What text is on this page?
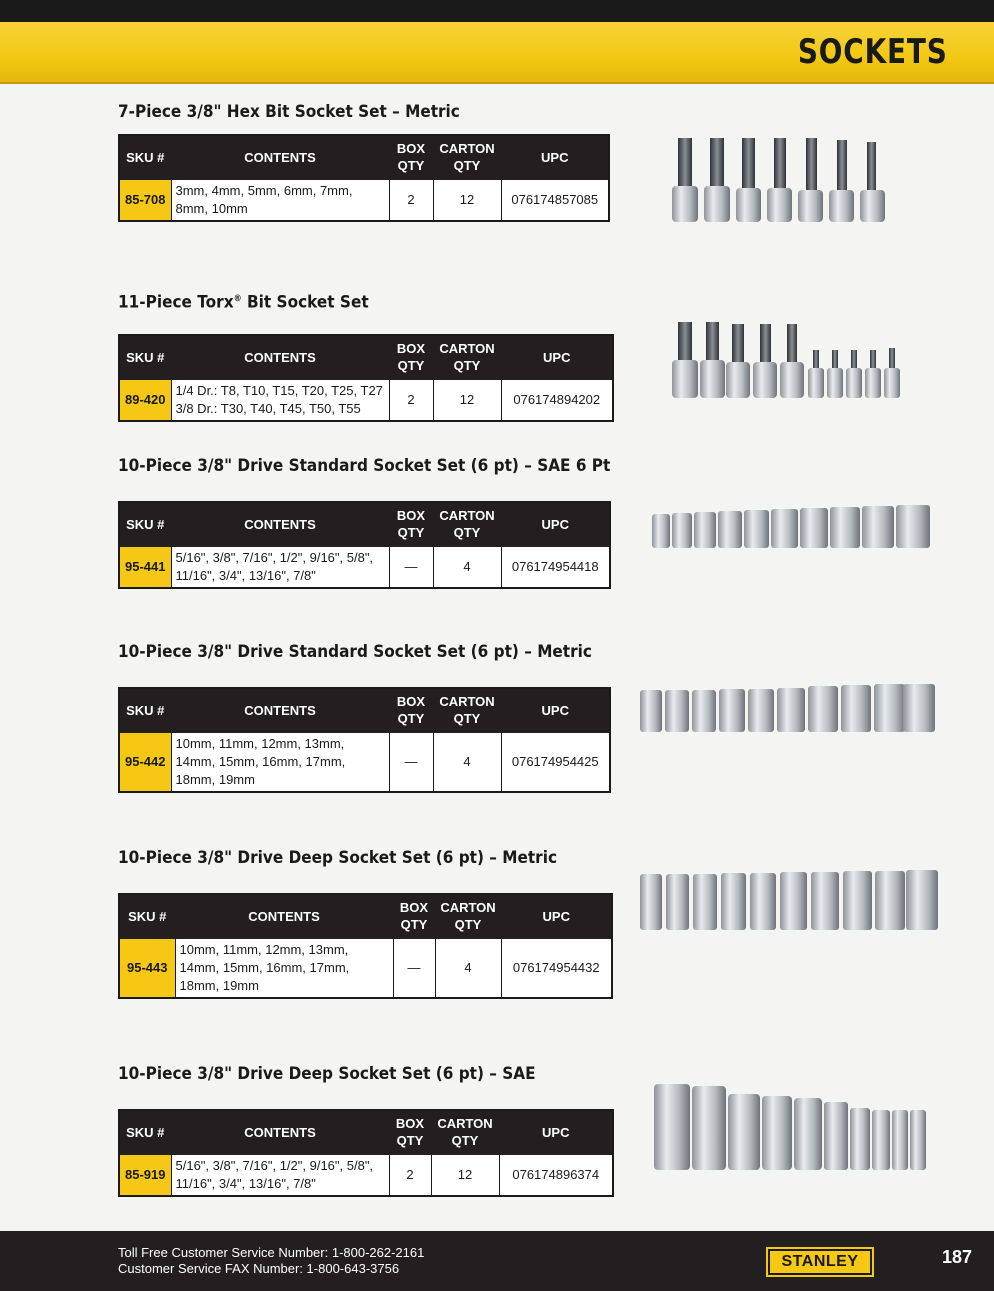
SOCKETS
7-Piece 3/8" Hex Bit Socket Set – Metric
SKU #	CONTENTS	BOX QTY	CARTON QTY	UPC
85-708	3mm, 4mm, 5mm, 6mm, 7mm, 8mm, 10mm	2	12	076174857085
11-Piece Torx® Bit Socket Set
SKU #	CONTENTS	BOX QTY	CARTON QTY	UPC
89-420	1/4 Dr.: T8, T10, T15, T20, T25, T27 3/8 Dr.: T30, T40, T45, T50, T55	2	12	076174894202
10-Piece 3/8" Drive Standard Socket Set (6 pt) – SAE 6 Pt
SKU #	CONTENTS	BOX QTY	CARTON QTY	UPC
95-441	5/16", 3/8", 7/16", 1/2", 9/16", 5/8", 11/16", 3/4", 13/16", 7/8"	—	4	076174954418
10-Piece 3/8" Drive Standard Socket Set (6 pt) – Metric
SKU #	CONTENTS	BOX QTY	CARTON QTY	UPC
95-442	10mm, 11mm, 12mm, 13mm, 14mm, 15mm, 16mm, 17mm, 18mm, 19mm	—	4	076174954425
10-Piece 3/8" Drive Deep Socket Set (6 pt) – Metric
SKU #	CONTENTS	BOX QTY	CARTON QTY	UPC
95-443	10mm, 11mm, 12mm, 13mm, 14mm, 15mm, 16mm, 17mm, 18mm, 19mm	—	4	076174954432
10-Piece 3/8" Drive Deep Socket Set (6 pt) – SAE
SKU #	CONTENTS	BOX QTY	CARTON QTY	UPC
85-919	5/16", 3/8", 7/16", 1/2", 9/16", 5/8", 11/16", 3/4", 13/16", 7/8"	2	12	076174896374
Toll Free Customer Service Number: 1-800-262-2161
Customer Service FAX Number: 1-800-643-3756	STANLEY	187
